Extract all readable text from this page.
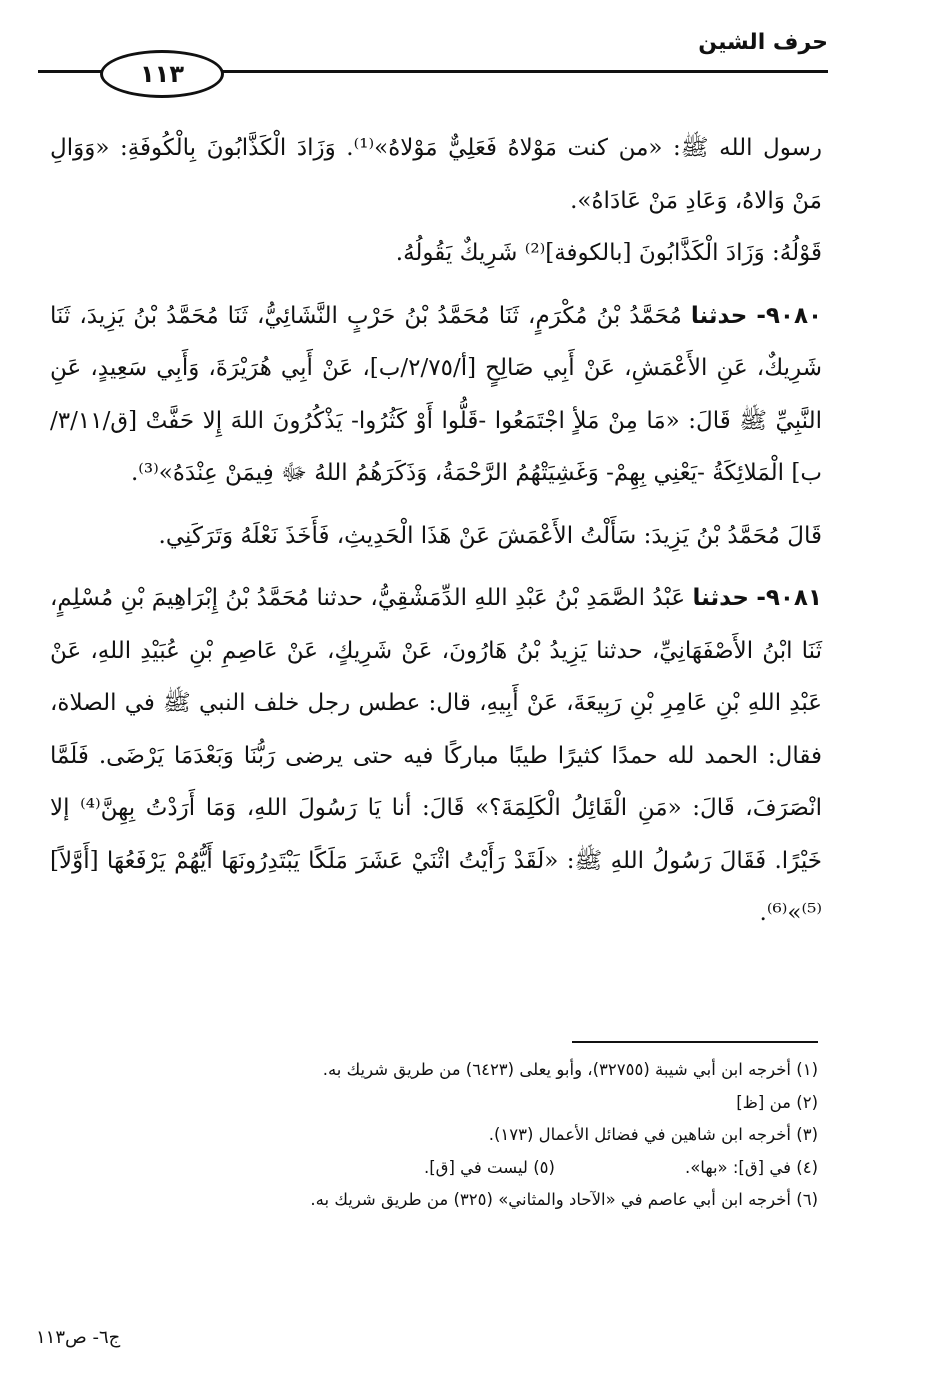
١١٣
حرف الشين

رسول الله ﷺ: «من كنت مَوْلاهُ فَعَلِيٌّ مَوْلاهُ»⁽¹⁾. وَزَادَ الْكَذَّابُونَ بِالْكُوفَةِ: «وَوَالِ مَنْ وَالاهُ، وَعَادِ مَنْ عَادَاهُ».

قَوْلُهُ: وَزَادَ الْكَذَّابُونَ [بالكوفة]⁽²⁾ شَرِيكٌ يَقُولُهُ.

٩٠٨٠- حدثنا مُحَمَّدُ بْنُ مُكْرَمٍ، ثَنَا مُحَمَّدُ بْنُ حَرْبٍ النَّشَائِيُّ، ثَنَا مُحَمَّدُ بْنُ يَزِيدَ، ثَنَا شَرِيكٌ، عَنِ الأَعْمَشِ، عَنْ أَبِي صَالِحٍ [أ/٢/٧٥/ب]، عَنْ أَبِي هُرَيْرَةَ، وَأَبِي سَعِيدٍ، عَنِ النَّبِيِّ ﷺ قَالَ: «مَا مِنْ مَلأٍ اجْتَمَعُوا -قَلُّوا أَوْ كَثُرُوا- يَذْكُرُونَ اللهَ إِلا حَفَّتْ [ق/٣/١١/ب] الْمَلائِكَةُ -يَعْنِي بِهِمْ- وَغَشِيَتْهُمُ الرَّحْمَةُ، وَذَكَرَهُمُ اللهُ ﷻ فِيمَنْ عِنْدَهُ»⁽³⁾.

قَالَ مُحَمَّدُ بْنُ يَزِيدَ: سَأَلْتُ الأَعْمَشَ عَنْ هَذَا الْحَدِيثِ، فَأَخَذَ نَعْلَهُ وَتَرَكَنِي.

٩٠٨١- حدثنا عَبْدُ الصَّمَدِ بْنُ عَبْدِ اللهِ الدِّمَشْقِيُّ، حدثنا مُحَمَّدُ بْنُ إِبْرَاهِيمَ بْنِ مُسْلِمٍ، ثَنَا ابْنُ الأَصْفَهَانِيِّ، حدثنا يَزِيدُ بْنُ هَارُونَ، عَنْ شَرِيكٍ، عَنْ عَاصِمِ بْنِ عُبَيْدِ اللهِ، عَنْ عَبْدِ اللهِ بْنِ عَامِرِ بْنِ رَبِيعَةَ، عَنْ أَبِيهِ، قال: عطس رجل خلف النبي ﷺ في الصلاة، فقال: الحمد لله حمدًا كثيرًا طيبًا مباركًا فيه حتى يرضى رَبُّنَا وَبَعْدَمَا يَرْضَى. فَلَمَّا انْصَرَفَ، قَالَ: «مَنِ الْقَائِلُ الْكَلِمَةَ؟» قَالَ: أنا يَا رَسُولَ اللهِ، وَمَا أَرَدْتُ بِهِنَّ⁽⁴⁾ إلا خَيْرًا. فَقَالَ رَسُولُ اللهِ ﷺ: «لَقَدْ رَأَيْتُ اثْنَيْ عَشَرَ مَلَكًا يَبْتَدِرُونَهَا أَيُّهُمْ يَرْفَعُهَا [أَوَّلاً]⁽⁵⁾»⁽⁶⁾.

(١) أخرجه ابن أبي شيبة (٣٢٧٥٥)، وأبو يعلى (٦٤٢٣) من طريق شريك به.
(٢) من [ظ]
(٣) أخرجه ابن شاهين في فضائل الأعمال (١٧٣).
(٤) في [ق]: «بها».
(٥) ليست في [ق].
(٦) أخرجه ابن أبي عاصم في «الآحاد والمثاني» (٣٢٥) من طريق شريك به.
ج٦- ص١١٣
